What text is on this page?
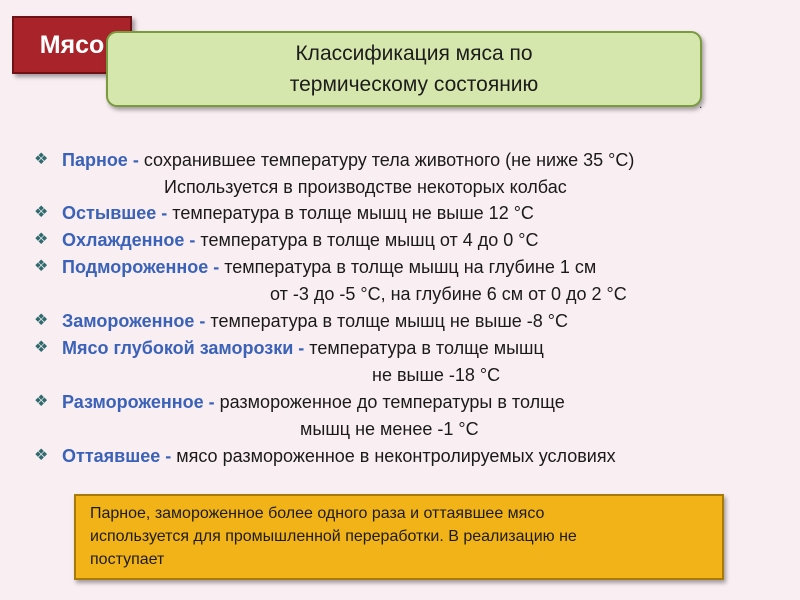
Мясо	Классификация мяса по
термическому состоянию
.
❖ Парное - сохранившее температуру тела животного (не ниже 35 °С)
Используется в производстве некоторых колбас
❖ Остывшее - температура в толще мышц не выше 12 °С
❖ Охлажденное - температура в толще мышц от 4 до 0 °С
❖ Подмороженное - температура в толще мышц на глубине 1 см
от -3 до -5 °С, на глубине 6 см от 0 до 2 °С
❖ Замороженное - температура в толще мышц не выше -8 °С
❖ Мясо глубокой заморозки - температура в толще мышц
не выше -18 °С
❖ Размороженное - размороженное до температуры в толще
мышц не менее -1 °С
❖ Оттаявшее - мясо размороженное в неконтролируемых условиях
Парное, замороженное более одного раза и оттаявшее мясо
используется для промышленной переработки. В реализацию не
поступает
